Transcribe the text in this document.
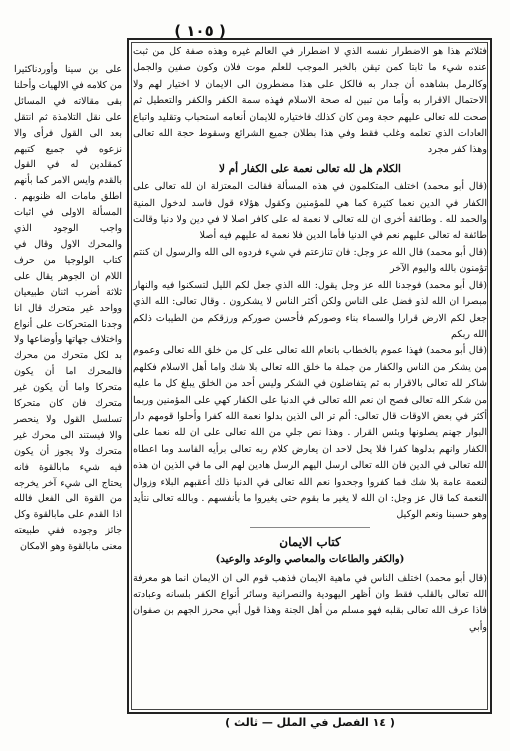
( ١٠٥ )
على بن سينا وأوردناكثيرا من كلامه في الالهيات وأحلنا بقى مقالاته في المسائل على نقل التلامذة ثم انتقل بعد الى القول فرأى والا نزعوه في جميع كتبهم كمقلدين له في القول بالقدم وايس الامر كما بأنهم اطلق مامات اله ظنوبهم . المسألة الاولى في اثبات واجب الوجود الذي والمحرك الاول وقال في كتاب الولوجيا من حرف اللام ان الجوهر يقال على ثلاثة أضرب اثنان طبيعيان وواحد غير متحرك قال انا وجدنا المتحركات على أنواع واختلاف جهاتها وأوضاعها ولا بد لكل متحرك من محرك فالمحرك اما أن يكون متحركا واما أن يكون غير متحرك فان كان متحركا تسلسل القول ولا ينحصر والا فيستند الى محرك غير متحرك ولا يجوز أن يكون فيه شيء مابالقوة فانه يحتاج الى شيء آخر يخرجه من القوة الى الفعل فالله اذا القدم على مابالقوة وكل جائز وجوده ففي طبيعته معنى مابالقوة وهو الامكان

فثلاثم هذا هو الاضطرار نفسه الذي لا اضطرار في العالم غيره وهذه صفة كل من ثبت عنده شيء ما ثابتا كمن تيقن بالخبر الموجب للعلم موت فلان وكون صفين والجمل وكالرمل بشاهده أن جدار به فالكل على هذا مضطرون الى الايمان لا اختيار لهم ولا الاحتمال الاقرار به وأما من تبين له صحة الاسلام فهذه سمة الكفر والكفر والتعطيل ثم صحت لله تعالى عليهم حجة ومن كان كذلك فاختياره للايمان أنعامه استحباب وتقليد واتباع العادات الذي تعلمه وغلب فقط وفي هذا بطلان جميع الشرائع وسقوط حجة الله تعالى وهذا كفر مجرد

الكلام هل لله تعالى نعمة على الكفار أم لا

(قال أبو محمد) اختلف المتكلمون في هذه المسألة فقالت المعتزلة ان لله تعالى على الكفار في الدين نعما كثيرة كما هي للمؤمنين وكقول هؤلاء قول فاسد لدخول المنية والحمد لله . وطائفة أخرى ان لله تعالى لا نعمة له على كافر اصلا لا في دين ولا دنيا وقالت طائفة له تعالى عليهم نعم في الدنيا فأما الدين فلا نعمة له عليهم فيه أصلا

(قال أبو محمد) قال الله عز وجل: فان تنازعتم في شيء فردوه الى الله والرسول ان كنتم تؤمنون بالله واليوم الآخر

(قال أبو محمد) فوجدنا الله عز وجل يقول: الله الذي جعل لكم الليل لتسكنوا فيه والنهار مبصرا ان الله لذو فضل على الناس ولكن أكثر الناس لا يشكرون . وقال تعالى: الله الذي جعل لكم الارض قرارا والسماء بناء وصوركم فأحسن صوركم ورزقكم من الطيبات ذلكم الله ربكم

(قال أبو محمد) فهذا عموم بالخطاب بانعام الله تعالى على كل من خلق الله تعالى وعموم من يشكر من الناس والكفار من جملة ما خلق الله تعالى بلا شك واما أهل الاسلام فكلهم شاكر لله تعالى بالاقرار به ثم يتفاضلون في الشكر وليس أحد من الخلق يبلغ كل ما عليه من شكر الله تعالى فصح ان نعم الله تعالى في الدنيا على الكفار كهي على المؤمنين وربما أكثر في بعض الاوقات قال تعالى: ألم تر الى الذين بدلوا نعمة الله كفرا وأحلوا قومهم دار البوار جهنم يصلونها وبئس القرار . وهذا نص جلي من الله تعالى على ان لله نعما على الكفار وانهم بدلوها كفرا فلا يحل لاحد ان يعارض كلام ربه تعالى برأيه الفاسد وما اعطاه الله تعالى في الدين فان الله تعالى ارسل اليهم الرسل هادين لهم الى ما في الذين ان هذه لنعمة عامة بلا شك فما كفروا وجحدوا نعم الله تعالى في الدنيا ذلك أعقبهم البلاء وزوال النعمة كما قال عز وجل: ان الله لا يغير ما بقوم حتى يغيروا ما بأنفسهم . وبالله تعالى نتأيد وهو حسبنا ونعم الوكيل

كتاب الايمان
(والكفر والطاعات والمعاصي والوعد والوعيد)

(قال أبو محمد) اختلف الناس في ماهية الايمان فذهب قوم الى ان الايمان انما هو معرفة الله تعالى بالقلب فقط وان أظهر اليهودية والنصرانية وسائر أنواع الكفر بلسانه وعبادته فاذا عرف الله تعالى بقلبه فهو مسلم من أهل الجنة وهذا قول أبي محرز الجهم بن صفوان وأبي

( ١٤ الفصل في الملل — ثالث )
